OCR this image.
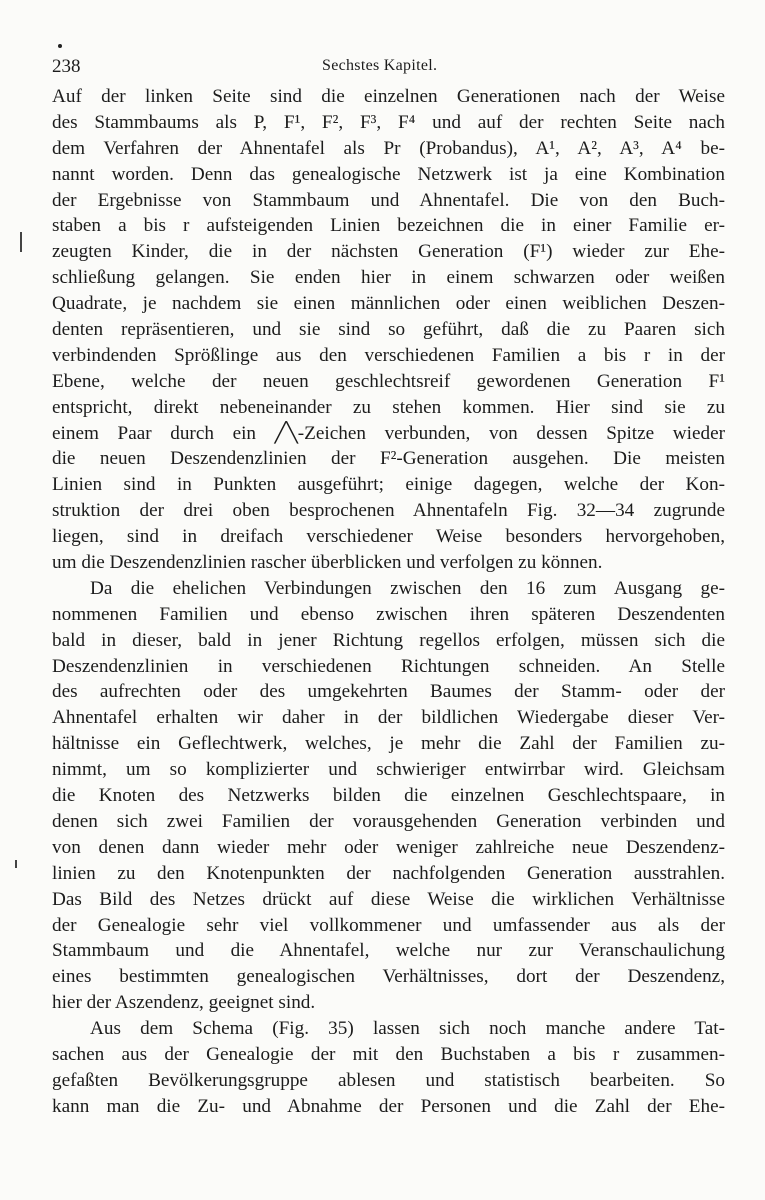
238	Sechstes Kapitel.
Auf der linken Seite sind die einzelnen Generationen nach der Weise
des Stammbaums als P, F¹, F², F³, F⁴ und auf der rechten Seite nach
dem Verfahren der Ahnentafel als Pr (Probandus), A¹, A², A³, A⁴ be-
nannt worden. Denn das genealogische Netzwerk ist ja eine Kombination
der Ergebnisse von Stammbaum und Ahnentafel. Die von den Buch-
staben a bis r aufsteigenden Linien bezeichnen die in einer Familie er-
zeugten Kinder, die in der nächsten Generation (F¹) wieder zur Ehe-
schließung gelangen. Sie enden hier in einem schwarzen oder weißen
Quadrate, je nachdem sie einen männlichen oder einen weiblichen Deszen-
denten repräsentieren, und sie sind so geführt, daß die zu Paaren sich
verbindenden Sprößlinge aus den verschiedenen Familien a bis r in der
Ebene, welche der neuen geschlechtsreif gewordenen Generation F¹
entspricht, direkt nebeneinander zu stehen kommen. Hier sind sie zu
einem Paar durch ein ╱╲-Zeichen verbunden, von dessen Spitze wieder
die neuen Deszendenzlinien der F²-Generation ausgehen. Die meisten
Linien sind in Punkten ausgeführt; einige dagegen, welche der Kon-
struktion der drei oben besprochenen Ahnentafeln Fig. 32—34 zugrunde
liegen, sind in dreifach verschiedener Weise besonders hervorgehoben,
um die Deszendenzlinien rascher überblicken und verfolgen zu können.
Da die ehelichen Verbindungen zwischen den 16 zum Ausgang ge-
nommenen Familien und ebenso zwischen ihren späteren Deszendenten
bald in dieser, bald in jener Richtung regellos erfolgen, müssen sich die
Deszendenzlinien in verschiedenen Richtungen schneiden. An Stelle
des aufrechten oder des umgekehrten Baumes der Stamm- oder der
Ahnentafel erhalten wir daher in der bildlichen Wiedergabe dieser Ver-
hältnisse ein Geflechtwerk, welches, je mehr die Zahl der Familien zu-
nimmt, um so komplizierter und schwieriger entwirrbar wird. Gleichsam
die Knoten des Netzwerks bilden die einzelnen Geschlechtspaare, in
denen sich zwei Familien der vorausgehenden Generation verbinden und
von denen dann wieder mehr oder weniger zahlreiche neue Deszendenz-
linien zu den Knotenpunkten der nachfolgenden Generation ausstrahlen.
Das Bild des Netzes drückt auf diese Weise die wirklichen Verhältnisse
der Genealogie sehr viel vollkommener und umfassender aus als der
Stammbaum und die Ahnentafel, welche nur zur Veranschaulichung
eines bestimmten genealogischen Verhältnisses, dort der Deszendenz,
hier der Aszendenz, geeignet sind.
Aus dem Schema (Fig. 35) lassen sich noch manche andere Tat-
sachen aus der Genealogie der mit den Buchstaben a bis r zusammen-
gefaßten Bevölkerungsgruppe ablesen und statistisch bearbeiten. So
kann man die Zu- und Abnahme der Personen und die Zahl der Ehe-
